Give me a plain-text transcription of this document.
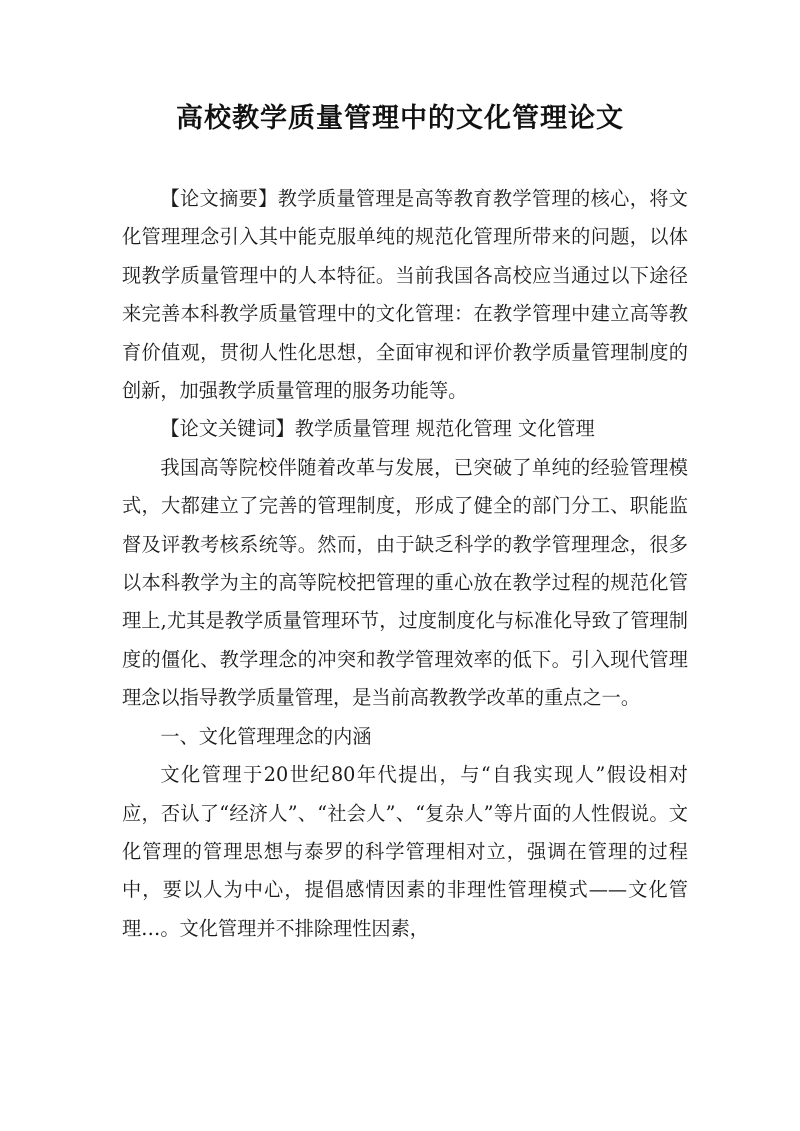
高校教学质量管理中的文化管理论文

【论文摘要】教学质量管理是高等教育教学管理的核心，将文化管理理念引入其中能克服单纯的规范化管理所带来的问题，以体现教学质量管理中的人本特征。当前我国各高校应当通过以下途径来完善本科教学质量管理中的文化管理：在教学管理中建立高等教育价值观，贯彻人性化思想，全面审视和评价教学质量管理制度的创新，加强教学质量管理的服务功能等。

【论文关键词】教学质量管理 规范化管理 文化管理

我国高等院校伴随着改革与发展，已突破了单纯的经验管理模式，大都建立了完善的管理制度，形成了健全的部门分工、职能监督及评教考核系统等。然而，由于缺乏科学的教学管理理念，很多以本科教学为主的高等院校把管理的重心放在教学过程的规范化管理上,尤其是教学质量管理环节，过度制度化与标准化导致了管理制度的僵化、教学理念的冲突和教学管理效率的低下。引入现代管理理念以指导教学质量管理，是当前高教教学改革的重点之一。

一、文化管理理念的内涵

文化管理于20世纪80年代提出，与“自我实现人”假设相对应，否认了“经济人”、“社会人”、“复杂人”等片面的人性假说。文化管理的管理思想与泰罗的科学管理相对立，强调在管理的过程中，要以人为中心，提倡感情因素的非理性管理模式——文化管理…。文化管理并不排除理性因素，
